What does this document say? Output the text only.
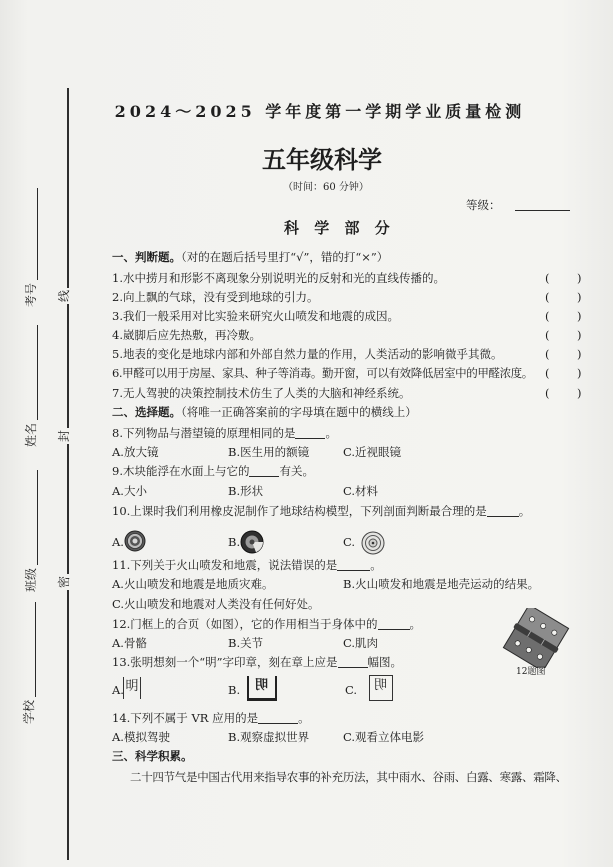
考号
姓名
班级
学校
线
封
密
2024～2025 学年度第一学期学业质量检测
五年级科学
（时间：60 分钟）
等级：
科 学 部 分
一、判断题。（对的在题后括号里打“√”，错的打“×”）
1.水中捞月和形影不离现象分别说明光的反射和光的直线传播的。	( )
2.向上飘的气球，没有受到地球的引力。	( )
3.我们一般采用对比实验来研究火山喷发和地震的成因。	( )
4.崴脚后应先热敷，再冷敷。	( )
5.地表的变化是地球内部和外部自然力量的作用，人类活动的影响微乎其微。	( )
6.甲醛可以用于房屋、家具、种子等消毒。勤开窗，可以有效降低居室中的甲醛浓度。 ( )
7.无人驾驶的决策控制技术仿生了人类的大脑和神经系统。	( )
二、选择题。（将唯一正确答案前的字母填在题中的横线上）
8.下列物品与潜望镜的原理相同的是	。
A.放大镜	B.医生用的额镜	C.近视眼镜
9.木块能浮在水面上与它的	有关。
A.大小	B.形状	C.材料
10.上课时我们利用橡皮泥制作了地球结构模型，下列剖面判断最合理的是	。
A.	B.	C.
11.下列关于火山喷发和地震，说法错误的是	。
A.火山喷发和地震是地质灾难。	B.火山喷发和地震是地壳运动的结果。
C.火山喷发和地震对人类没有任何好处。
12.门框上的合页（如图），它的作用相当于身体中的	。
A.骨骼	B.关节	C.肌肉
12题图
13.张明想刻一个“明”字印章，刻在章上应是	幅图。
A. 明	B.	明	C.	明
14.下列不属于 VR 应用的是	。
A.模拟驾驶	B.观察虚拟世界	C.观看立体电影
三、科学积累。
二十四节气是中国古代用来指导农事的补充历法，其中雨水、谷雨、白露、寒露、霜降、
